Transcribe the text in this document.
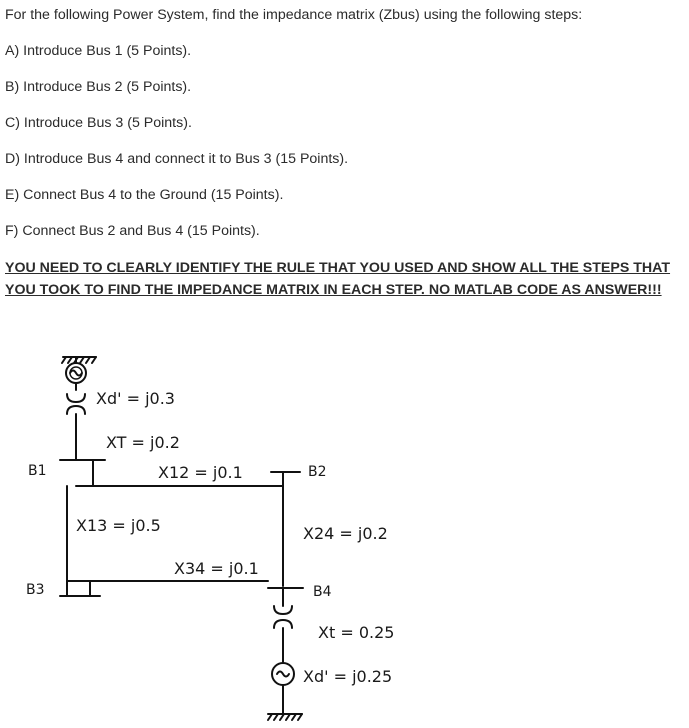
For the following Power System, find the impedance matrix (Zbus) using the following steps:
A) Introduce Bus 1 (5 Points).
B) Introduce Bus 2 (5 Points).
C) Introduce Bus 3 (5 Points).
D) Introduce Bus 4 and connect it to Bus 3 (15 Points).
E) Connect Bus 4 to the Ground (15 Points).
F) Connect Bus 2 and Bus 4 (15 Points).
YOU NEED TO CLEARLY IDENTIFY THE RULE THAT YOU USED AND SHOW ALL THE STEPS THAT YOU TOOK TO FIND THE IMPEDANCE MATRIX IN EACH STEP. NO MATLAB CODE AS ANSWER!!!
Xd' = j0.3
XT = j0.2
X12 = j0.1
X13 = j0.5	X24 = j0.2
X34 = j0.1
Xt = 0.25
Xd' = j0.25
B1	B2
B3	B4
